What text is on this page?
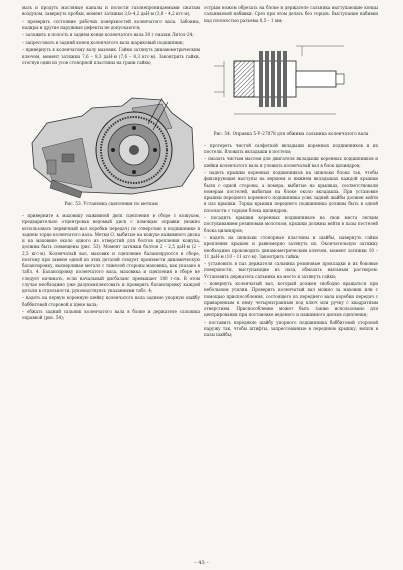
мать и продуть масляные каналы и полости газонепроницаемыми сжатым воздухом, завернуть пробки, момент затяжки 3,8–4,2 даН·м (3,8 – 4,2 кгс·м);

– проверить состояние рабочих поверхностей коленчатого вала. Забоины, надиры и другие наружные дефекты не допускаются;

– заложить в полость в заднем конце коленчатого вала 30 г смазки Литол-24;

– запрессовать в задний конец коленчатого вала шариковый подшипник;

– привернуть к коленчатому валу маховик. Гайки затянуть динамометрическим ключом, момент затяжки 7,6 – 8,3 даН·м (7,6 – 8,3 кгс·м). Законтрить гайки, отогнув один из усов стопорной пластины на грани гайки;

Рис. 53. Установка сцепления по меткам

– приверните к маховику нажимной диск сцепления в сборе с кожухом, предварительно отцентровав ведомый диск с помощью оправки (можно использовать первичный вал коробки передач) по отверстию в подшипнике в заднем торце коленчатого вала. Метки О, выбитые на кожухе нажимного диска и на маховике около одного из отверстий для болтов крепления кожуха, должны быть совмещены (рис. 53). Момент затяжки болтов 2 – 2,5 даН·м (2 – 2,5 кгс·м). Коленчатый вал, маховик и сцепление балансируются в сборе, поэтому при замене одной из этих деталей следует произвести динамическую балансировку, высверливая металл с тяжелой стороны маховика, как указано в табл. 4. Балансировку коленчатого вала, маховика и сцепления в сборе не следует начинать, если начальный дисбаланс превышает 180 г·см. В этом случае необходимо уже разукомплектовать и проверить балансировку каждой детали в отдельности, руководствуясь указанными табл. 4;

– надеть на первую коренную шейку коленчатого вала заднюю упорную шайбу баббитовой стороной к щеке вала;

– обжать задний сальник коленчатого вала в блоке и держателе сальника оправкой (рис. 54);

острым ножом обрезать на блоке и держателе сальника выступающие концы сальниковой набивки. Срез при этом делать без торцов. Выступание набивки над плоскостью разъема 0,5 – 1 мм;

Рис. 54. Оправка 5-У-27878 для обжима сальника коленчатого вала

– протереть чистой салфеткой вкладыши коренных подшипников и их постели. Вложить вкладыши в постели;

– смазать чистым маслом для двигателя вкладыши коренных подшипников и шейки коленчатого вала и уложить коленчатый вал в блок цилиндров;

– надеть крышки коренных подшипников на шпильки блока так, чтобы фиксирующие выступы на верхнем и нижнем вкладышах каждой крышки были с одной стороны, а номера, выбитые на крышках, соответствовали номерам постелей, выбитым на блоке около вкладыша. При установке крышки переднего коренного подшипника усик задней шайбы должен войти в паз крышки. Торцы крышки переднего подшипника должны быть в одной плоскости с торцом блока цилиндров;

– посадить крышки коренных подшипников на свои места легким постукиванием резиновым молотком, крышки должны войти в пазы постелей блока цилиндров;

– надеть на шпильки стопорные пластины и шайбы, навернуть гайки крепления крышек и равномерно затянуть их. Окончательную затяжку необходимо производить динамометрическим ключом, момент затяжки 10 – 11 даН·м (10 – 11 кгс·м). Законтрить гайки;

– установить в паз держателя сальника резиновые прокладки и их боковые поверхности, выступающие из паза, обмазать мыльным раствором. Установить держатель сальника на место и затянуть гайки;

– повернуть коленчатый вал, который должен свободно вращаться при небольшом усилии. Проверить коленчатый вал можно за маховик или с помощью приспособления, состоящего из переднего вала коробки передач с приваренным к нему четырехгранным под ключ или ручку с квадратным отверстием. Приспособление может быть также использовано для центрирования при постановке ведомого и нажимного дисков сцепления;

– поставить переднюю шайбу упорного подшипника баббитовой стороной наружу так, чтобы штифты, запрессованные в переднюю крышку, вошли в пазы шайбы;

– 43 –
